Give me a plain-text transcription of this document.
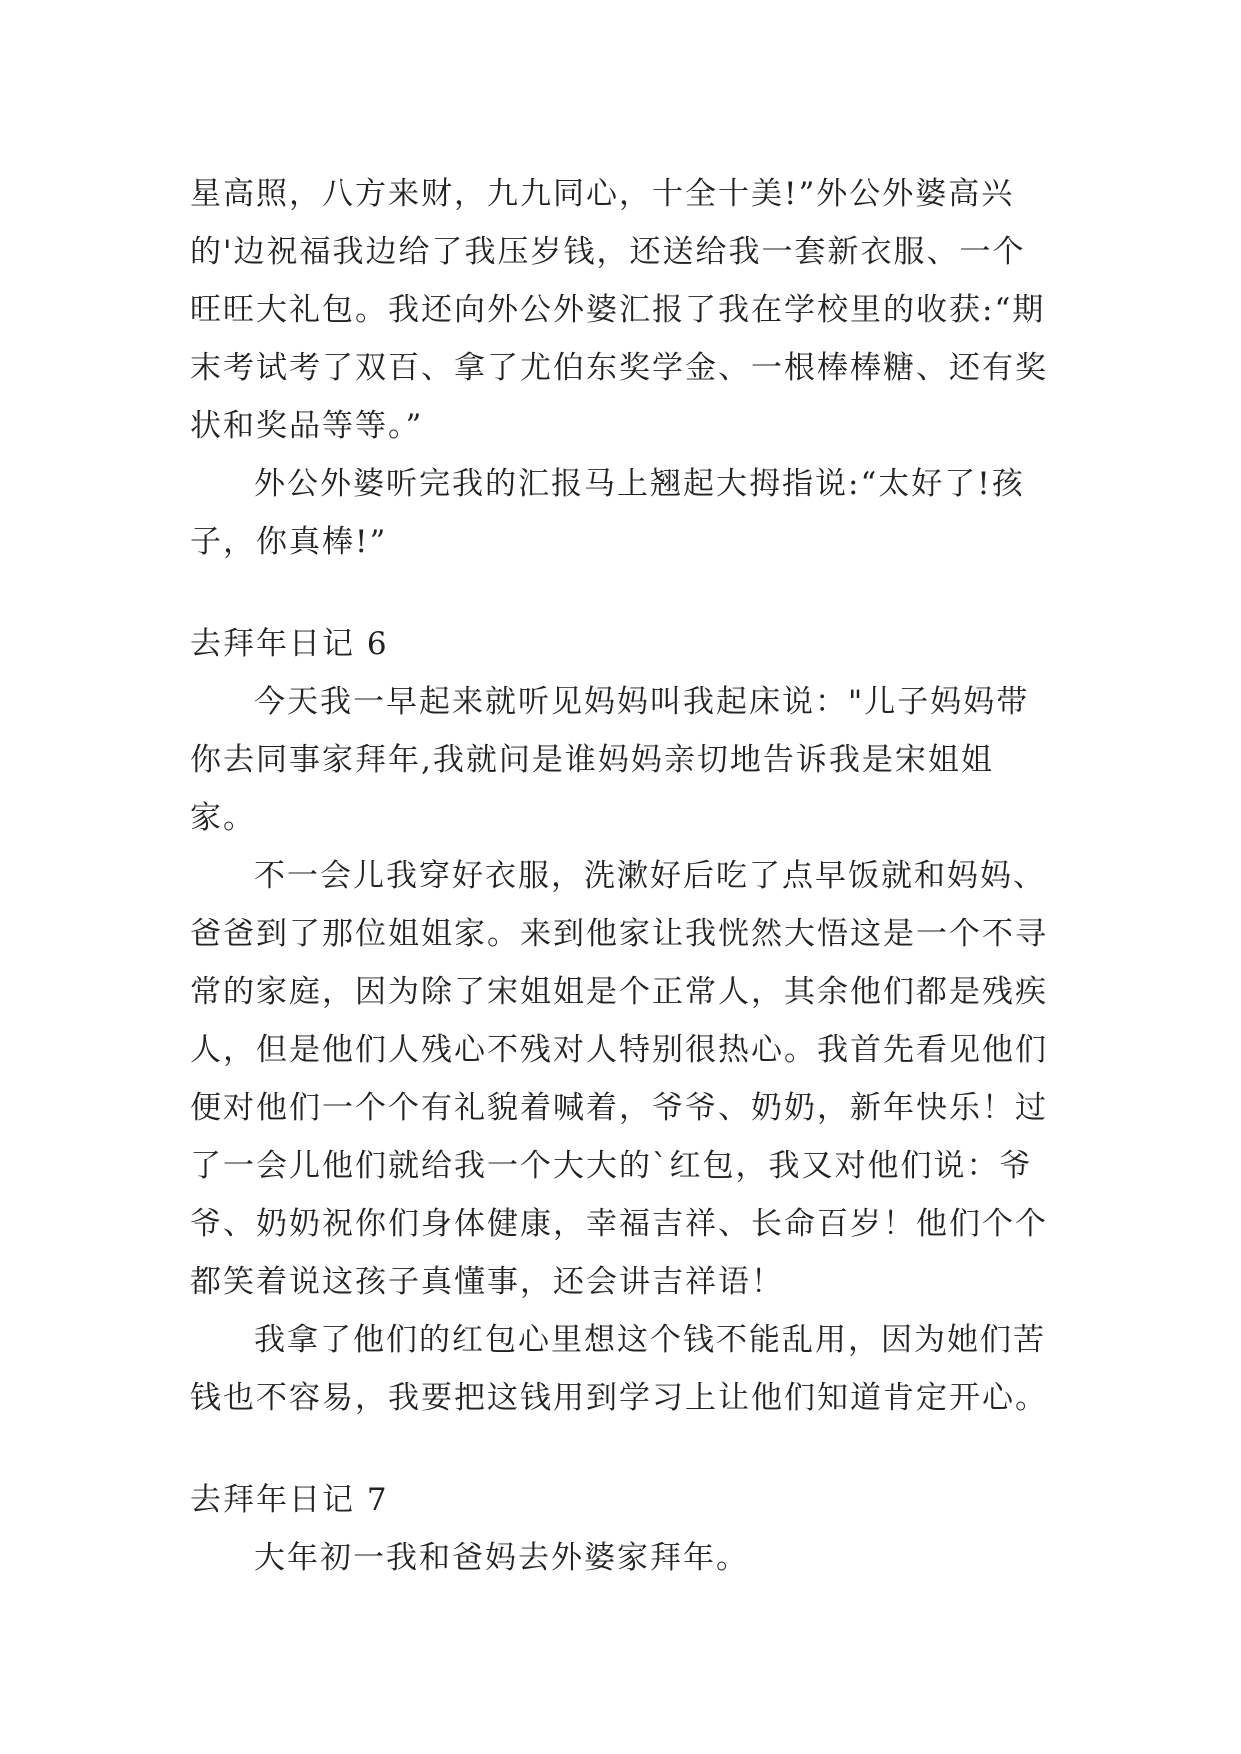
星高照，八方来财，九九同心，十全十美!”外公外婆高兴的'边祝福我边给了我压岁钱，还送给我一套新衣服、一个旺旺大礼包。我还向外公外婆汇报了我在学校里的收获:“期末考试考了双百、拿了尤伯东奖学金、一根棒棒糖、还有奖状和奖品等等。”

外公外婆听完我的汇报马上翘起大拇指说:“太好了!孩子，你真棒!”

去拜年日记 6

今天我一早起来就听见妈妈叫我起床说："儿子妈妈带你去同事家拜年,我就问是谁妈妈亲切地告诉我是宋姐姐家。

不一会儿我穿好衣服，洗漱好后吃了点早饭就和妈妈、爸爸到了那位姐姐家。来到他家让我恍然大悟这是一个不寻常的家庭，因为除了宋姐姐是个正常人，其余他们都是残疾人，但是他们人残心不残对人特别很热心。我首先看见他们便对他们一个个有礼貌着喊着，爷爷、奶奶，新年快乐！过了一会儿他们就给我一个大大的`红包，我又对他们说：爷爷、奶奶祝你们身体健康，幸福吉祥、长命百岁！他们个个都笑着说这孩子真懂事，还会讲吉祥语！

我拿了他们的红包心里想这个钱不能乱用，因为她们苦钱也不容易，我要把这钱用到学习上让他们知道肯定开心。

去拜年日记 7

大年初一我和爸妈去外婆家拜年。
